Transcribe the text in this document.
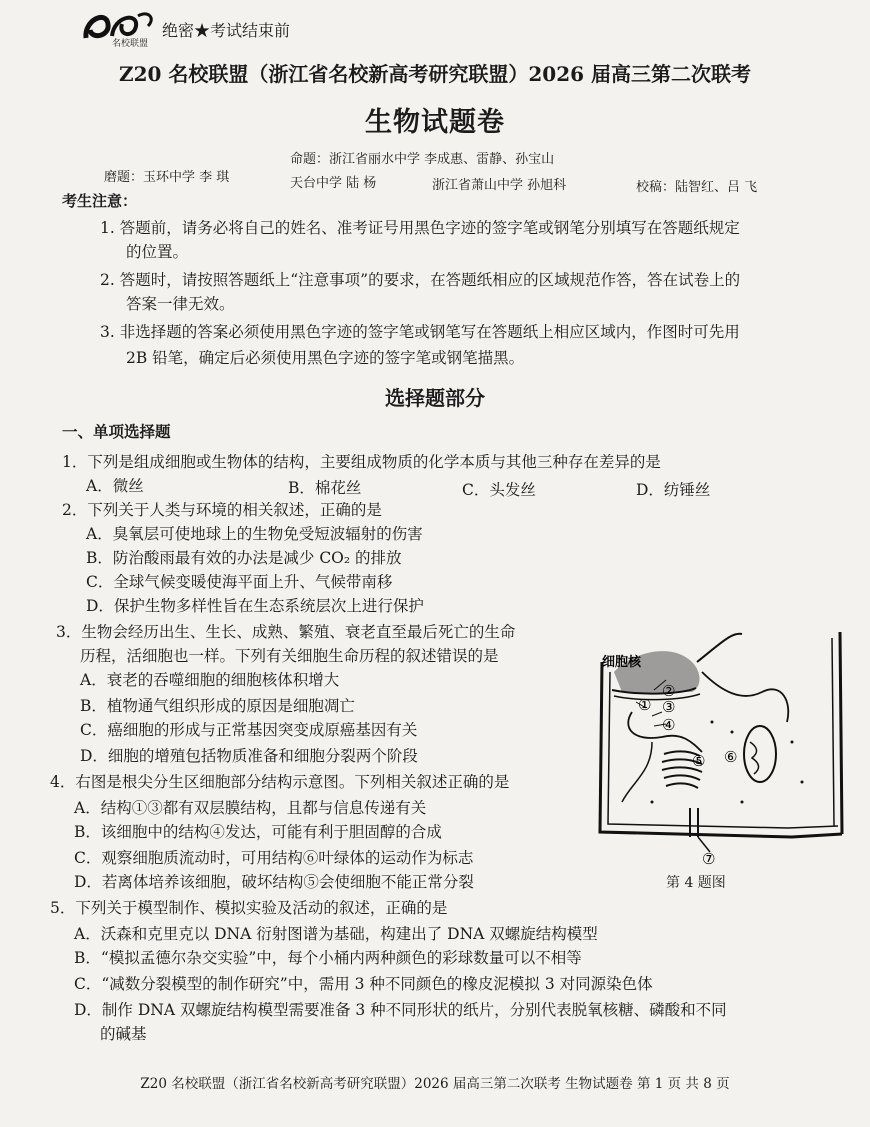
名校联盟
绝密★考试结束前
Z20 名校联盟（浙江省名校新高考研究联盟）2026 届高三第二次联考
生物试题卷
命题：浙江省丽水中学 李成惠、雷静、孙宝山
磨题：玉环中学 李 琪	天台中学 陆 杨	浙江省萧山中学 孙旭科	校稿：陆智红、吕 飞
考生注意：
1. 答题前，请务必将自己的姓名、准考证号用黑色字迹的签字笔或钢笔分别填写在答题纸规定
的位置。
2. 答题时，请按照答题纸上“注意事项”的要求，在答题纸相应的区域规范作答，答在试卷上的
答案一律无效。
3. 非选择题的答案必须使用黑色字迹的签字笔或钢笔写在答题纸上相应区域内，作图时可先用
2B 铅笔，确定后必须使用黑色字迹的签字笔或钢笔描黑。
选择题部分
一、单项选择题
1．下列是组成细胞或生物体的结构，主要组成物质的化学本质与其他三种存在差异的是
A．微丝	B．棉花丝	C．头发丝	D．纺锤丝
2．下列关于人类与环境的相关叙述，正确的是
A．臭氧层可使地球上的生物免受短波辐射的伤害
B．防治酸雨最有效的办法是减少 CO₂ 的排放
C．全球气候变暖使海平面上升、气候带南移
D．保护生物多样性旨在生态系统层次上进行保护
3．生物会经历出生、生长、成熟、繁殖、衰老直至最后死亡的生命
历程，活细胞也一样。下列有关细胞生命历程的叙述错误的是
A．衰老的吞噬细胞的细胞核体积增大
B．植物通气组织形成的原因是细胞凋亡
C．癌细胞的形成与正常基因突变成原癌基因有关
D．细胞的增殖包括物质准备和细胞分裂两个阶段
4．右图是根尖分生区细胞部分结构示意图。下列相关叙述正确的是
A．结构①③都有双层膜结构，且都与信息传递有关
B．该细胞中的结构④发达，可能有利于胆固醇的合成
C．观察细胞质流动时，可用结构⑥叶绿体的运动作为标志
D．若离体培养该细胞，破坏结构⑤会使细胞不能正常分裂
细胞核
②
① ③
④
⑤ ⑥
⑦
第 4 题图
5．下列关于模型制作、模拟实验及活动的叙述，正确的是
A．沃森和克里克以 DNA 衍射图谱为基础，构建出了 DNA 双螺旋结构模型
B．“模拟孟德尔杂交实验”中，每个小桶内两种颜色的彩球数量可以不相等
C．“减数分裂模型的制作研究”中，需用 3 种不同颜色的橡皮泥模拟 3 对同源染色体
D．制作 DNA 双螺旋结构模型需要准备 3 种不同形状的纸片，分别代表脱氧核糖、磷酸和不同
的碱基
Z20 名校联盟（浙江省名校新高考研究联盟）2026 届高三第二次联考 生物试题卷 第 1 页 共 8 页
